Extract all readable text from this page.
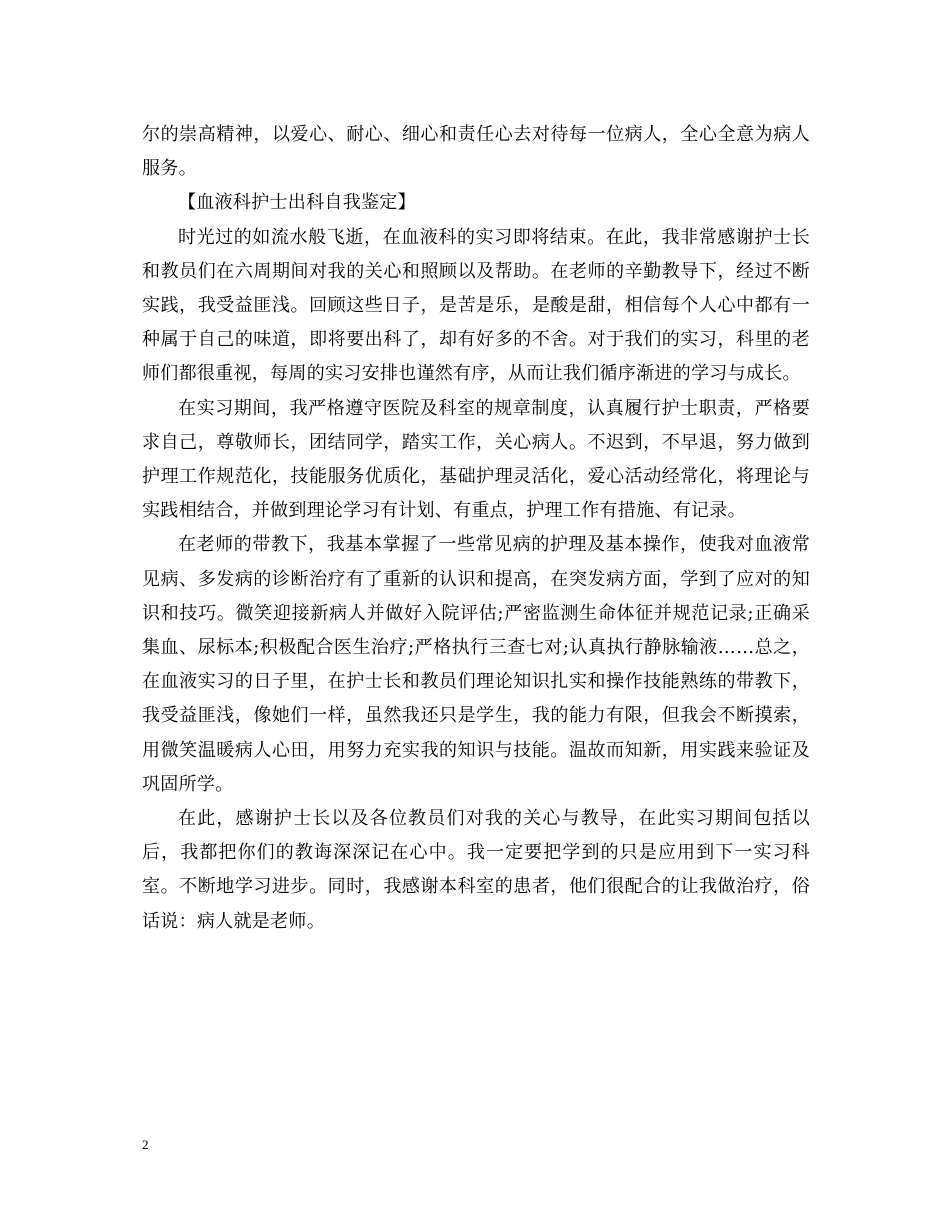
尔的崇高精神，以爱心、耐心、细心和责任心去对待每一位病人，全心全意为病人服务。

【血液科护士出科自我鉴定】

时光过的如流水般飞逝，在血液科的实习即将结束。在此，我非常感谢护士长和教员们在六周期间对我的关心和照顾以及帮助。在老师的辛勤教导下，经过不断实践，我受益匪浅。回顾这些日子，是苦是乐，是酸是甜，相信每个人心中都有一种属于自己的味道，即将要出科了，却有好多的不舍。对于我们的实习，科里的老师们都很重视，每周的实习安排也谨然有序，从而让我们循序渐进的学习与成长。

在实习期间，我严格遵守医院及科室的规章制度，认真履行护士职责，严格要求自己，尊敬师长，团结同学，踏实工作，关心病人。不迟到，不早退，努力做到护理工作规范化，技能服务优质化，基础护理灵活化，爱心活动经常化，将理论与实践相结合，并做到理论学习有计划、有重点，护理工作有措施、有记录。

在老师的带教下，我基本掌握了一些常见病的护理及基本操作，使我对血液常见病、多发病的诊断治疗有了重新的认识和提高，在突发病方面，学到了应对的知识和技巧。微笑迎接新病人并做好入院评估;严密监测生命体征并规范记录;正确采集血、尿标本;积极配合医生治疗;严格执行三查七对;认真执行静脉输液……总之，在血液实习的日子里，在护士长和教员们理论知识扎实和操作技能熟练的带教下，我受益匪浅，像她们一样，虽然我还只是学生，我的能力有限，但我会不断摸索，用微笑温暖病人心田，用努力充实我的知识与技能。温故而知新，用实践来验证及巩固所学。

在此，感谢护士长以及各位教员们对我的关心与教导，在此实习期间包括以后，我都把你们的教诲深深记在心中。我一定要把学到的只是应用到下一实习科室。不断地学习进步。同时，我感谢本科室的患者，他们很配合的让我做治疗，俗话说：病人就是老师。

2
